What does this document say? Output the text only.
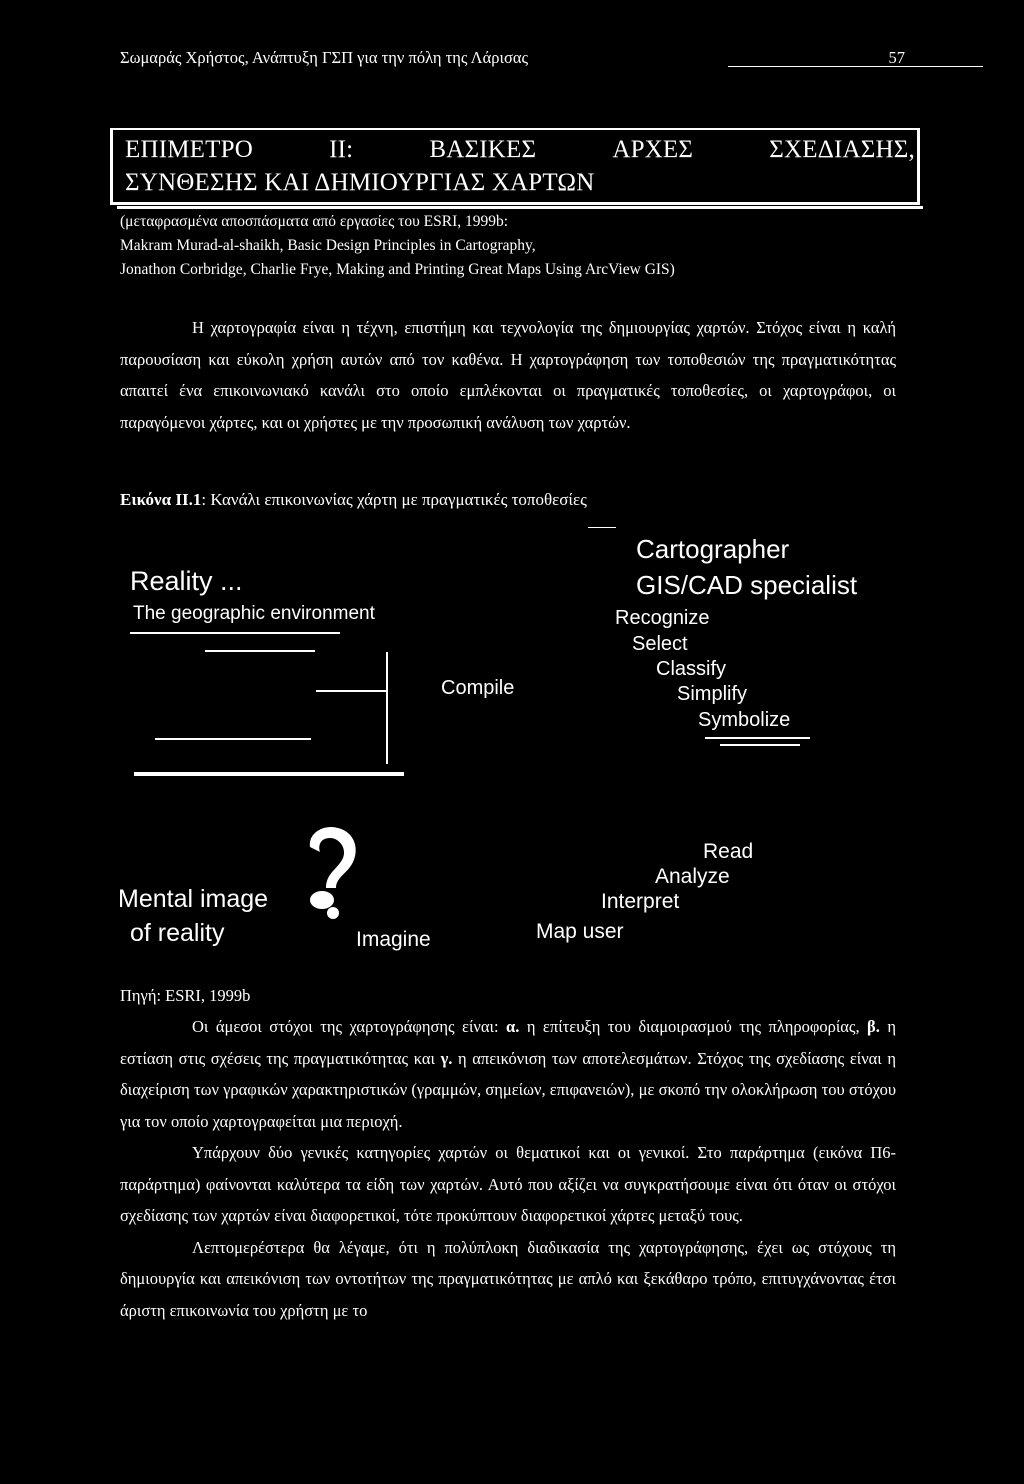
Σωμαράς Χρήστος, Ανάπτυξη ΓΣΠ για την πόλη της Λάρισας	57
ΕΠΙΜΕΤΡΟ	ΙΙ:	ΒΑΣΙΚΕΣ	ΑΡΧΕΣ	ΣΧΕΔΙΑΣΗΣ,
ΣΥΝΘΕΣΗΣ ΚΑΙ ΔΗΜΙΟΥΡΓΙΑΣ ΧΑΡΤΩΝ
(μεταφρασμένα αποσπάσματα από εργασίες του ESRI, 1999b:
Makram Murad-al-shaikh, Basic Design Principles in Cartography,
Jonathon Corbridge, Charlie Frye, Making and Printing Great Maps Using ArcView GIS)

Η χαρτογραφία είναι η τέχνη, επιστήμη και τεχνολογία της δημιουργίας χαρτών. Στόχος είναι η καλή παρουσίαση και εύκολη χρήση αυτών από τον καθένα. Η χαρτογράφηση των τοποθεσιών της πραγματικότητας απαιτεί ένα επικοινωνιακό κανάλι στο οποίο εμπλέκονται οι πραγματικές τοποθεσίες, οι χαρτογράφοι, οι παραγόμενοι χάρτες, και οι χρήστες με την προσωπική ανάλυση των χαρτών.

Εικόνα ΙΙ.1: Κανάλι επικοινωνίας χάρτη με πραγματικές τοποθεσίες
Cartographer
GIS/CAD specialist
Reality ...
The geographic environment
Compile
Recognize
Select
Classify
Simplify
Symbolize
Mental image
of reality	Imagine
Read
Analyze
Interpret
Map user
Πηγή: ESRI, 1999b

Οι άμεσοι στόχοι της χαρτογράφησης είναι: α. η επίτευξη του διαμοιρασμού της πληροφορίας, β. η εστίαση στις σχέσεις της πραγματικότητας και γ. η απεικόνιση των αποτελεσμάτων. Στόχος της σχεδίασης είναι η διαχείριση των γραφικών χαρακτηριστικών (γραμμών, σημείων, επιφανειών), με σκοπό την ολοκλήρωση του στόχου για τον οποίο χαρτογραφείται μια περιοχή.

Υπάρχουν δύο γενικές κατηγορίες χαρτών οι θεματικοί και οι γενικοί. Στο παράρτημα (εικόνα Π6-παράρτημα) φαίνονται καλύτερα τα είδη των χαρτών. Αυτό που αξίζει να συγκρατήσουμε είναι ότι όταν οι στόχοι σχεδίασης των χαρτών είναι διαφορετικοί, τότε προκύπτουν διαφορετικοί χάρτες μεταξύ τους.

Λεπτομερέστερα θα λέγαμε, ότι η πολύπλοκη διαδικασία της χαρτογράφησης, έχει ως στόχους τη δημιουργία και απεικόνιση των οντοτήτων της πραγματικότητας με απλό και ξεκάθαρο τρόπο, επιτυγχάνοντας έτσι άριστη επικοινωνία του χρήστη με το
